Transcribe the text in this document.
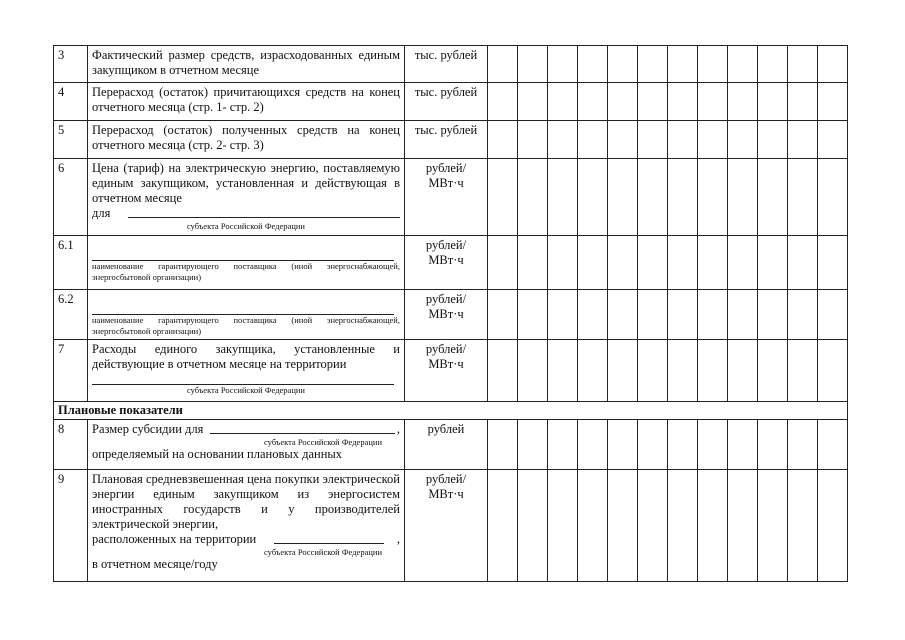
3	Фактический размер средств, израсходованных единым закупщиком в отчетном месяце	тыс. рублей												
4	Перерасход (остаток) причитающихся средств на конец отчетного месяца (стр. 1- стр. 2)	тыс. рублей												
5	Перерасход (остаток) полученных средств на конец отчетного месяца (стр. 2- стр. 3)	тыс. рублей												
6	Цена (тариф) на электрическую энергию, поставляемую единым закупщиком, установленная и действующая в отчетном месяце
для
субъекта Российской Федерации	рублей/ МВт·ч												
6.1	наименование гарантирующего поставщика (иной энергоснабжающей, энергосбытовой организации)	рублей/ МВт·ч												
6.2	наименование гарантирующего поставщика (иной энергоснабжающей, энергосбытовой организации)	рублей/ МВт·ч												
7	Расходы единого закупщика, установленные и действующие в отчетном месяце на территории
субъекта Российской Федерации	рублей/ МВт·ч												
Плановые показатели														
8	Размер субсидии для ,
субъекта Российской Федерации
определяемый на основании плановых данных	рублей												
9	Плановая средневзвешенная цена покупки электрической энергии единым закупщиком из энергосистем иностранных государств и у производителей электрической энергии,
расположенных на территории ,
субъекта Российской Федерации
в отчетном месяце/году	рублей/ МВт·ч												
